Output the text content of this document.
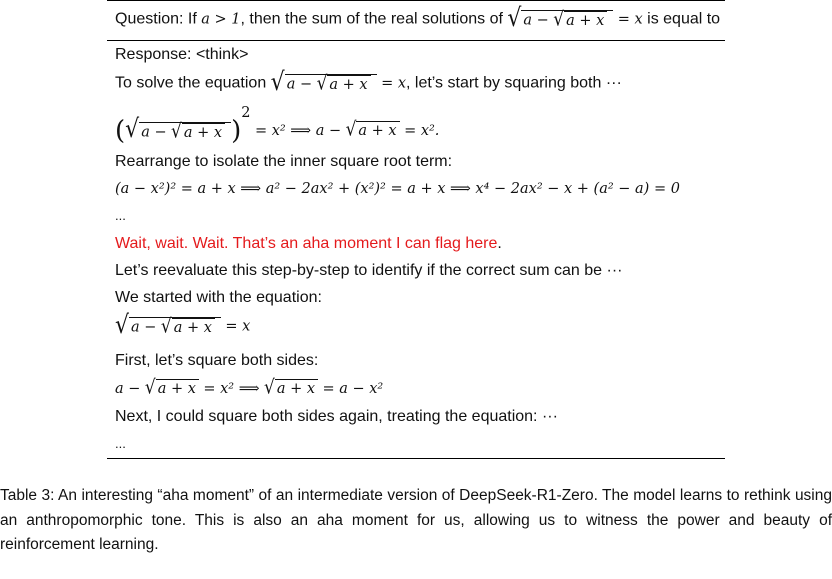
Question: If a > 1, then the sum of the real solutions of √ a − √ a + x = x is equal to
Response: <think>
To solve the equation √ a − √ a + x = x, let’s start by squaring both ···
(√ a − √ a + x )$^2$ = x² ⟹ a − √ a + x = x².
Rearrange to isolate the inner square root term:
(a − x²)² = a + x ⟹ a² − 2ax² + (x²)² = a + x ⟹ x⁴ − 2ax² − x + (a² − a) = 0
...
Wait, wait. Wait. That’s an aha moment I can flag here.
Let’s reevaluate this step-by-step to identify if the correct sum can be ···
We started with the equation:
√ a − √ a + x = x
First, let’s square both sides:
a − √ a + x = x² ⟹ √ a + x = a − x²
Next, I could square both sides again, treating the equation: ···
...
Table 3: An interesting “aha moment” of an intermediate version of DeepSeek-R1-Zero. The model learns to rethink using an anthropomorphic tone. This is also an aha moment for us, allowing us to witness the power and beauty of reinforcement learning.
